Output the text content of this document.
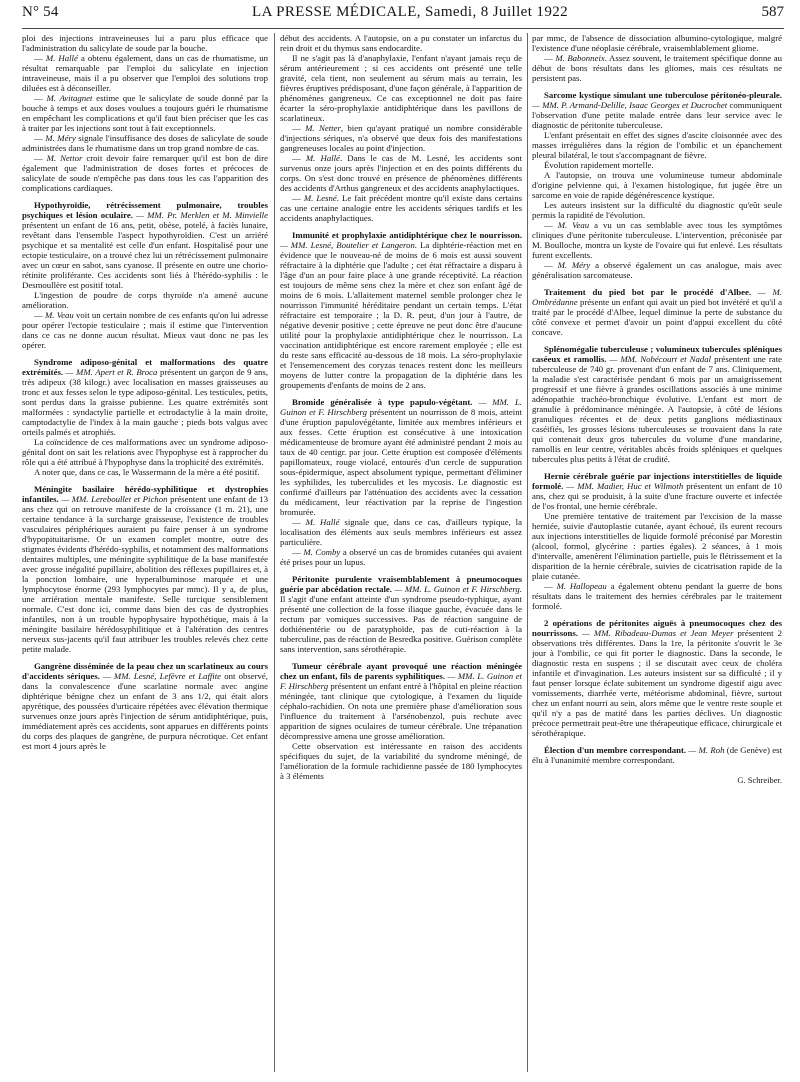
N° 54	LA PRESSE MÉDICALE, Samedi, 8 Juillet 1922	587

ploi des injections intraveineuses lui a paru plus efficace que l'administration du salicylate de soude par la bouche.

— M. Hallé a obtenu également, dans un cas de rhumatisme, un résultat remarquable par l'emploi du salicylate en injection intraveineuse, mais il a pu observer que l'emploi des solutions trop diluées est à déconseiller.

— M. Avitagnet estime que le salicylate de soude donné par la bouche à temps et aux doses voulues a toujours guéri le rhumatisme en empêchant les complications et qu'il faut bien préciser que les cas à traiter par les injections sont tout à fait exceptionnels.

— M. Méry signale l'insuffisance des doses de salicylate de soude administrées dans le rhumatisme dans un trop grand nombre de cas.

— M. Nettor croit devoir faire remarquer qu'il est bon de dire également que l'administration de doses fortes et précoces de salicylate de soude n'empêche pas dans tous les cas l'apparition des complications cardiaques.

Hypothyroïdie, rétrécissement pulmonaire, troubles psychiques et lésion oculaire. — MM. Pr. Merklen et M. Minvielle présentent un enfant de 16 ans, petit, obèse, potelé, à faciès lunaire, revêtant dans l'ensemble l'aspect hypothyroïdien. C'est un arriéré psychique et sa mentalité est celle d'un enfant. Hospitalisé pour une ectopie testiculaire, on a trouvé chez lui un rétrécissement pulmonaire avec un cœur en sabot, sans cyanose. Il présente en outre une chorio-rétinite proliférante. Ces accidents sont liés à l'hérédo-syphilis : le Desmoullère est positif total.

L'ingestion de poudre de corps thyroïde n'a amené aucune amélioration.

— M. Veau voit un certain nombre de ces enfants qu'on lui adresse pour opérer l'ectopie testiculaire ; mais il estime que l'intervention dans ce cas ne donne aucun résultat. Mieux vaut donc ne pas les opérer.

Syndrome adiposo-génital et malformations des quatre extrémités. — MM. Apert et R. Broca présentent un garçon de 9 ans, très adipeux (38 kilogr.) avec localisation en masses graisseuses au tronc et aux fesses selon le type adiposo-génital. Les testicules, petits, sont perdus dans la graisse pubienne. Les quatre extrémités sont malformées : syndactylie partielle et ectrodactylie à la main droite, camptodactylie de l'index à la main gauche ; pieds bots valgus avec orteils palmés et atrophiés.

La coïncidence de ces malformations avec un syndrome adiposo-génital dont on sait les relations avec l'hypophyse est à rapprocher du rôle qui a été attribué à l'hypophyse dans la trophicité des extrémités.

A noter que, dans ce cas, le Wassermann de la mère a été positif.

Méningite basilaire hérédo-syphilitique et dystrophies infantiles. — MM. Lereboullet et Pichon présentent une enfant de 13 ans chez qui on retrouve manifeste de la croissance (1 m. 21), une certaine tendance à la surcharge graisseuse, l'existence de troubles vasculaires périphériques auraient pu faire penser à un syndrome d'hypopituitarisme. Or un examen complet montre, outre des stigmates évidents d'hérédo-syphilis, et notamment des malformations dentaires multiples, une méningite syphilitique de la base manifestée avec grosse inégalité pupillaire, abolition des réflexes pupillaires et, à la ponction lombaire, une hyperalbuminose marquée et une lymphocytose énorme (293 lymphocytes par mmc). Il y a, de plus, une arriération mentale manifeste. Selle turcique sensiblement normale. C'est donc ici, comme dans bien des cas de dystrophies infantiles, non à un trouble hypophysaire hypothétique, mais à la méningite basilaire hérédosyphilitique et à l'altération des centres nerveux sus-jacents qu'il faut attribuer les troubles relevés chez cette petite malade.

Gangrène disséminée de la peau chez un scarlatineux au cours d'accidents sériques. — MM. Lesné, Lefèvre et Laffite ont observé, dans la convalescence d'une scarlatine normale avec angine diphtérique bénigne chez un enfant de 3 ans 1/2, qui était alors apyrétique, des poussées d'urticaire répétées avec élévation thermique survenues onze jours après l'injection de sérum antidiphtérique, puis, immédiatement après ces accidents, sont apparues en différents points du corps des plaques de gangrène, de purpura nécrotique. Cet enfant est mort 4 jours après le

début des accidents. A l'autopsie, on a pu constater un infarctus du rein droit et du thymus sans endocardite.

Il ne s'agit pas là d'anaphylaxie, l'enfant n'ayant jamais reçu de sérum antérieurement ; si ces accidents ont présenté une telle gravité, cela tient, non seulement au sérum mais au terrain, les fièvres éruptives prédisposant, d'une façon générale, à l'apparition de phénomènes gangreneux. Ce cas exceptionnel ne doit pas faire écarter la séro-prophylaxie antidiphtérique dans les pavillons de scarlatineux.

— M. Netter, bien qu'ayant pratiqué un nombre considérable d'injections sériques, n'a observé que deux fois des manifestations gangreneuses locales au point d'injection.

— M. Hallé. Dans le cas de M. Lesné, les accidents sont survenus onze jours après l'injection et en des points différents du corps. On s'est donc trouvé en présence de phénomènes différents des accidents d'Arthus gangreneux et des accidents anaphylactiques.

— M. Lesné. Le fait précédent montre qu'il existe dans certains cas une certaine analogie entre les accidents sériques tardifs et les accidents anaphylactiques.

Immunité et prophylaxie antidiphtérique chez le nourrisson. — MM. Lesné, Boutelier et Langeron. La diphtérie-réaction met en évidence que le nouveau-né de moins de 6 mois est aussi souvent réfractaire à la diphtérie que l'adulte ; cet état réfractaire a disparu à l'âge d'un an pour faire place à une grande réceptivité. La réaction est toujours de même sens chez la mère et chez son enfant âgé de moins de 6 mois. L'allaitement maternel semble prolonger chez le nourrisson l'immunité héréditaire pendant un certain temps. L'état réfractaire est temporaire ; la D. R. peut, d'un jour à l'autre, de négative devenir positive ; cette épreuve ne peut donc être d'aucune utilité pour la prophylaxie antidiphtérique chez le nourrisson. La vaccination antidiphtérique est encore rarement employée ; elle est du reste sans efficacité au-dessous de 18 mois. La séro-prophylaxie et l'ensemencement des coryzas tenaces restent donc les meilleurs moyens de lutter contre la propagation de la diphtérie dans les groupements d'enfants de moins de 2 ans.

Bromide généralisée à type papulo-végétant. — MM. L. Guinon et F. Hirschberg présentent un nourrisson de 8 mois, atteint d'une éruption papulovégétante, limitée aux membres inférieurs et aux fesses. Cette éruption est consécutive à une intoxication médicamenteuse de bromure ayant été administré pendant 2 mois au taux de 40 centigr. par jour. Cette éruption est composée d'éléments papillomateux, rouge violacé, entourés d'un cercle de suppuration sous-épidermique, aspect absolument typique, permettant d'éliminer les syphilides, les tuberculides et les mycosis. Le diagnostic est confirmé d'ailleurs par l'atténuation des accidents avec la cessation du médicament, leur réactivation par la reprise de l'ingestion bromurée.

— M. Hallé signale que, dans ce cas, d'ailleurs typique, la localisation des éléments aux seuls membres inférieurs est assez particulière.

— M. Comby a observé un cas de bromides cutanées qui avaient été prises pour un lupus.

Péritonite purulente vraisemblablement à pneumocoques guérie par abcédation rectale. — MM. L. Guinon et F. Hirschberg. Il s'agit d'une enfant atteinte d'un syndrome pseudo-typhique, ayant présenté une collection de la fosse iliaque gauche, évacuée dans le rectum par vomiques successives. Pas de réaction sanguine de dothiénentérie ou de paratyphoïde, pas de cuti-réaction à la tuberculine, pas de réaction de Besredka positive. Guérison complète sans intervention, sans sérothérapie.

Tumeur cérébrale ayant provoqué une réaction méningée chez un enfant, fils de parents syphilitiques. — MM. L. Guinon et F. Hirschberg présentent un enfant entré à l'hôpital en pleine réaction méningée, tant clinique que cytologique, à l'examen du liquide céphalo-rachidien. On nota une première phase d'amélioration sous l'influence du traitement à l'arsénobenzol, puis rechute avec apparition de signes oculaires de tumeur cérébrale. Une trépanation décompressive amena une grosse amélioration.

Cette observation est intéressante en raison des accidents spécifiques du sujet, de la variabilité du syndrome méningé, de l'amélioration de la formule rachidienne passée de 180 lymphocytes à 3 éléments

par mmc, de l'absence de dissociation albumino-cytologique, malgré l'existence d'une néoplasie cérébrale, vraisemblablement gliome.

— M. Babonneix. Assez souvent, le traitement spécifique donne au début de bons résultats dans les gliomes, mais ces résultats ne persistent pas.

Sarcome kystique simulant une tuberculose péritonéo-pleurale. — MM. P. Armand-Delille, Isaac Georges et Ducrochet communiquent l'observation d'une petite malade entrée dans leur service avec le diagnostic de péritonite tuberculeuse.

L'enfant présentait en effet des signes d'ascite cloisonnée avec des masses irrégulières dans la région de l'ombilic et un épanchement pleural bilatéral, le tout s'accompagnant de fièvre.

Évolution rapidement mortelle.

A l'autopsie, on trouva une volumineuse tumeur abdominale d'origine pelvienne qui, à l'examen histologique, fut jugée être un sarcome en voie de rapide dégénérescence kystique.

Les auteurs insistent sur la difficulté du diagnostic qu'eût seule permis la rapidité de l'évolution.

— M. Veau a vu un cas semblable avec tous les symptômes cliniques d'une péritonite tuberculeuse. L'intervention, préconisée par M. Boulloche, montra un kyste de l'ovaire qui fut enlevé. Les résultats furent excellents.

— M. Méry a observé également un cas analogue, mais avec généralisation sarcomateuse.

Traitement du pied bot par le procédé d'Albee. — M. Ombrédanne présente un enfant qui avait un pied bot invétéré et qu'il a traité par le procédé d'Albee, lequel diminue la perte de substance du côté convexe et permet d'avoir un point d'appui excellent du côté concave.

Splénomégalie tuberculeuse ; volumineux tubercules spléniques caséeux et ramollis. — MM. Nobécourt et Nadal présentent une rate tuberculeuse de 740 gr. provenant d'un enfant de 7 ans. Cliniquement, la maladie s'est caractérisée pendant 6 mois par un amaigrissement progressif et une fièvre à grandes oscillations associés à une minime adénopathie trachéo-bronchique évolutive. L'enfant est mort de granulie à prédominance méningée. A l'autopsie, à côté de lésions granuliques récentes et de deux petits ganglions médiastinaux caséifiés, les grosses lésions tuberculeuses se trouvaient dans la rate qui contenait deux gros tubercules du volume d'une mandarine, ramollis en leur centre, véritables abcès froids spléniques et quelques tubercules plus petits à l'état de crudité.

Hernie cérébrale guérie par injections interstitielles de liquide formolé. — MM. Madier, Huc et Wilmoth présentent un enfant de 10 ans, chez qui se produisit, à la suite d'une fracture ouverte et infectée de l'os frontal, une hernie cérébrale.

Une première tentative de traitement par l'excision de la masse herniée, suivie d'autoplastie cutanée, ayant échoué, ils eurent recours aux injections interstitielles de liquide formolé préconisé par Morestin (alcool, formol, glycérine : parties égales). 2 séances, à 1 mois d'intervalle, amenèrent l'élimination partielle, puis le flétrissement et la disparition de la hernie cérébrale, suivies de cicatrisation rapide de la plaie cutanée.

— M. Hallopeau a également obtenu pendant la guerre de bons résultats dans le traitement des hernies cérébrales par le traitement formolé.

2 opérations de péritonites aiguës à pneumocoques chez des nourrissons. — MM. Ribadeau-Dumas et Jean Meyer présentent 2 observations très différentes. Dans la 1re, la péritonite s'ouvrit le 3e jour à l'ombilic, ce qui fit porter le diagnostic. Dans la seconde, le diagnostic resta en suspens ; il se discutait avec ceux de choléra infantile et d'invagination. Les auteurs insistent sur sa difficulté ; il y faut penser lorsque éclate subitement un syndrome digestif aigu avec vomissements, diarrhée verte, météorisme abdominal, fièvre, surtout chez un enfant nourri au sein, alors même que le ventre reste souple et qu'il n'y a pas de matité dans les parties déclives. Un diagnostic précoce permettrait peut-être une thérapeutique efficace, chirurgicale et sérothérapique.

Élection d'un membre correspondant. — M. Roh (de Genève) est élu à l'unanimité membre correspondant.

G. Schreiber.
